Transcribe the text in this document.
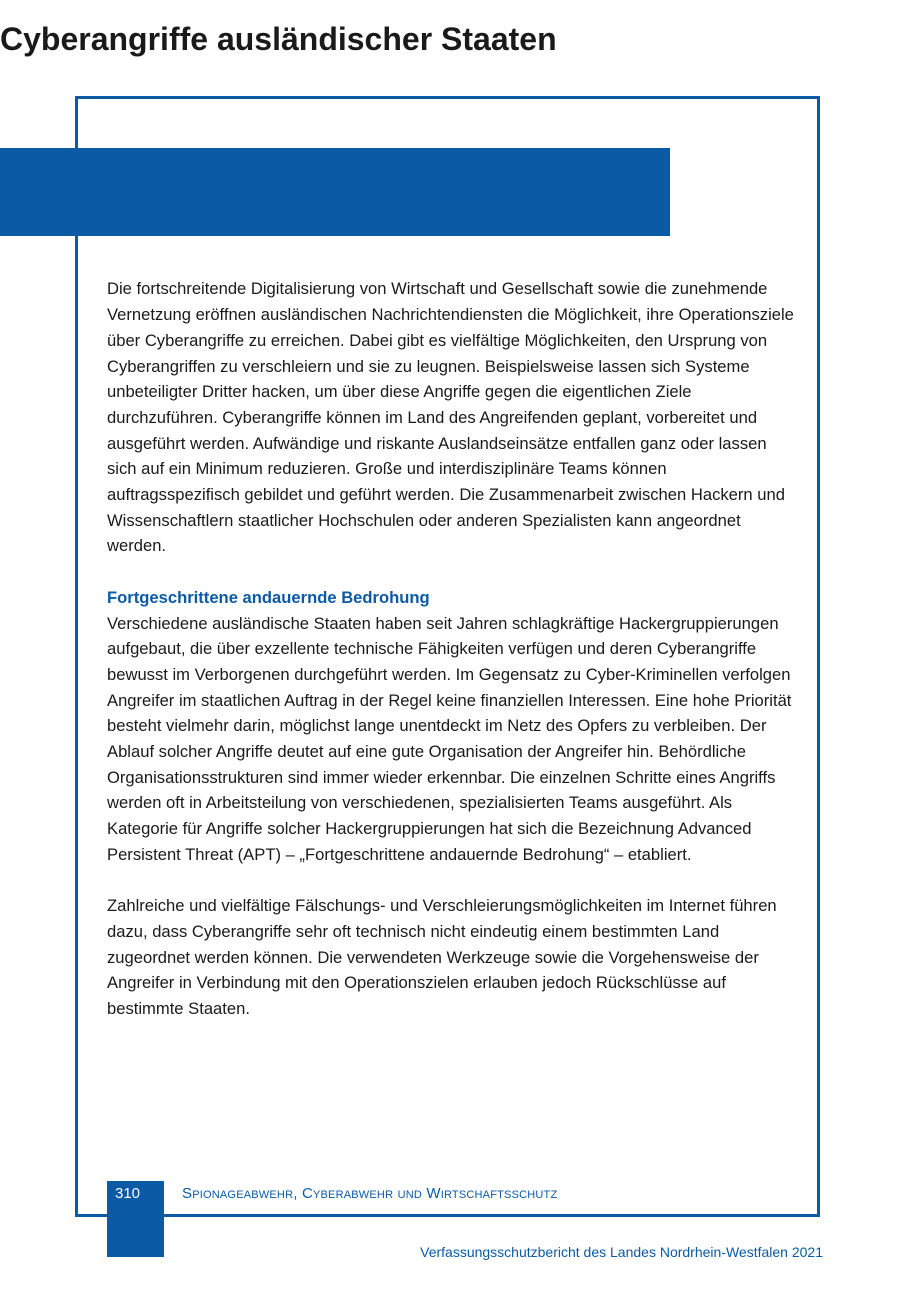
Cyberangriffe ausländischer Staaten

Die fortschreitende Digitalisierung von Wirtschaft und Gesellschaft sowie die zunehmende Vernetzung eröffnen ausländischen Nachrichtendiensten die Möglichkeit, ihre Operationsziele über Cyberangriffe zu erreichen. Dabei gibt es vielfältige Möglichkeiten, den Ursprung von Cyberangriffen zu verschleiern und sie zu leugnen. Beispielsweise lassen sich Systeme unbeteiligter Dritter hacken, um über diese Angriffe gegen die eigentlichen Ziele durchzuführen. Cyberangriffe können im Land des Angreifenden geplant, vorbereitet und ausgeführt werden. Aufwändige und riskante Auslandseinsätze entfallen ganz oder lassen sich auf ein Minimum reduzieren. Große und interdisziplinäre Teams können auftragsspezifisch gebildet und geführt werden. Die Zusammenarbeit zwischen Hackern und Wissenschaftlern staatlicher Hochschulen oder anderen Spezialisten kann angeordnet werden.

Fortgeschrittene andauernde Bedrohung

Verschiedene ausländische Staaten haben seit Jahren schlagkräftige Hackergruppierungen aufgebaut, die über exzellente technische Fähigkeiten verfügen und deren Cyberangriffe bewusst im Verborgenen durchgeführt werden. Im Gegensatz zu Cyber-Kriminellen verfolgen Angreifer im staatlichen Auftrag in der Regel keine finanziellen Interessen. Eine hohe Priorität besteht vielmehr darin, möglichst lange unentdeckt im Netz des Opfers zu verbleiben. Der Ablauf solcher Angriffe deutet auf eine gute Organisation der Angreifer hin. Behördliche Organisationsstrukturen sind immer wieder erkennbar. Die einzelnen Schritte eines Angriffs werden oft in Arbeitsteilung von verschiedenen, spezialisierten Teams ausgeführt. Als Kategorie für Angriffe solcher Hackergruppierungen hat sich die Bezeichnung Advanced Persistent Threat (APT) – „Fortgeschrittene andauernde Bedrohung“ – etabliert.

Zahlreiche und vielfältige Fälschungs- und Verschleierungsmöglichkeiten im Internet führen dazu, dass Cyberangriffe sehr oft technisch nicht eindeutig einem bestimmten Land zugeordnet werden können. Die verwendeten Werkzeuge sowie die Vorgehensweise der Angreifer in Verbindung mit den Operationszielen erlauben jedoch Rückschlüsse auf bestimmte Staaten.

310	Spionageabwehr, Cyberabwehr und Wirtschaftsschutz
Verfassungsschutzbericht des Landes Nordrhein-Westfalen 2021
